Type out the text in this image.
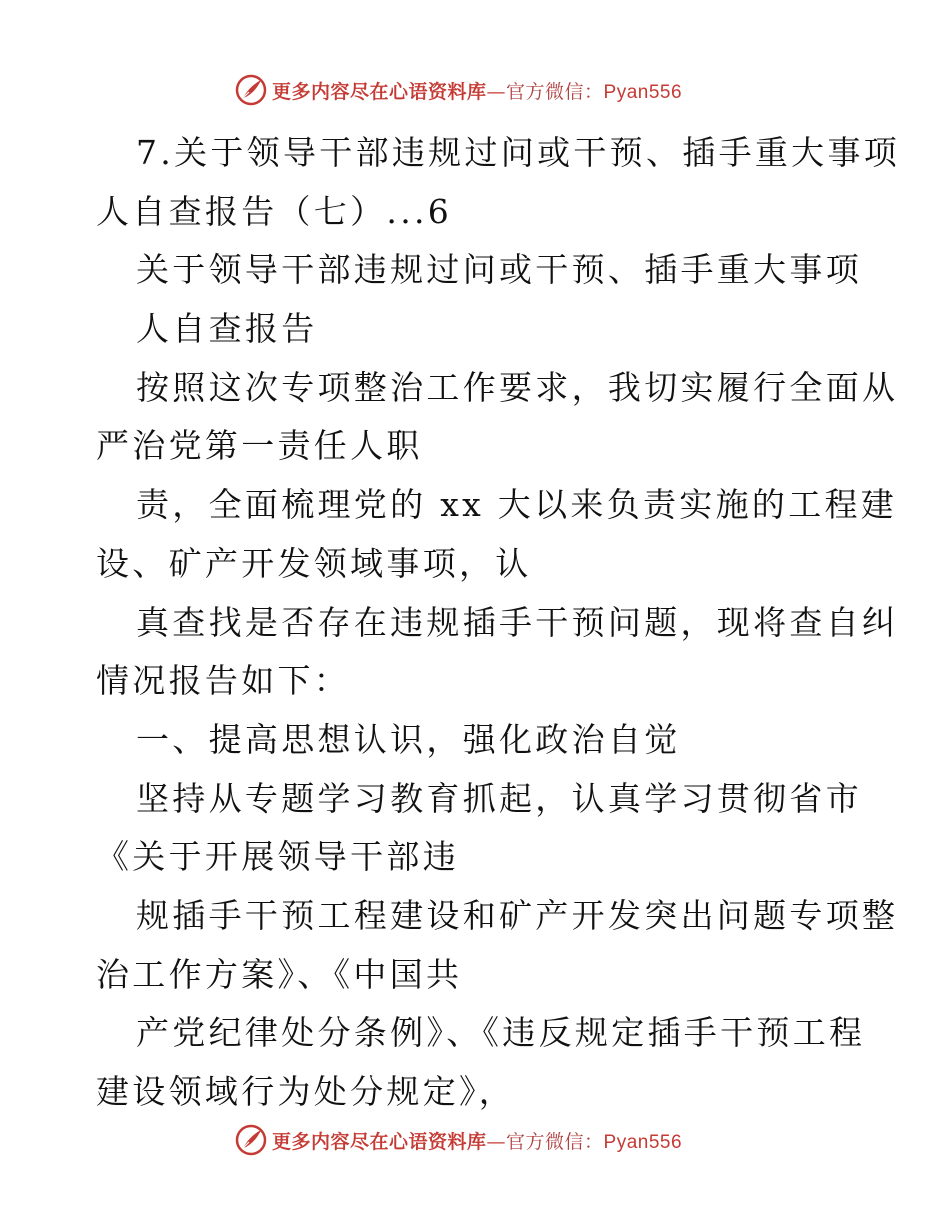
更多内容尽在心语资料库—官方微信：Pyan556
7.关于领导干部违规过问或干预、插手重大事项
人自查报告（七）...6
关于领导干部违规过问或干预、插手重大事项
人自查报告
按照这次专项整治工作要求，我切实履行全面从
严治党第一责任人职
责，全面梳理党的 xx 大以来负责实施的工程建
设、矿产开发领域事项，认
真查找是否存在违规插手干预问题，现将查自纠
情况报告如下：
一、提高思想认识，强化政治自觉
坚持从专题学习教育抓起，认真学习贯彻省市
《关于开展领导干部违
规插手干预工程建设和矿产开发突出问题专项整
治工作方案》、《中国共
产党纪律处分条例》、《违反规定插手干预工程
建设领域行为处分规定》，
更多内容尽在心语资料库—官方微信：Pyan556
